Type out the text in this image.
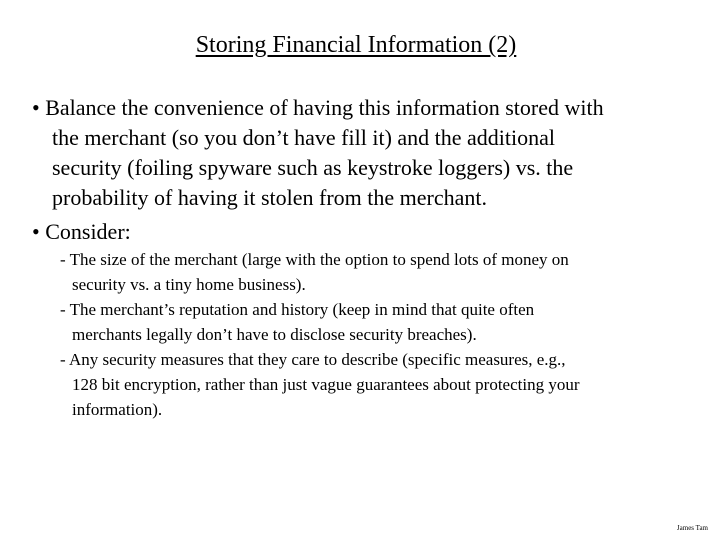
Storing Financial Information (2)
• Balance the convenience of having this information stored with
the merchant (so you don’t have fill it) and the additional
security (foiling spyware such as keystroke loggers) vs. the
probability of having it stolen from the merchant.
• Consider:
- The size of the merchant (large with the option to spend lots of money on
security vs. a tiny home business).
- The merchant’s reputation and history (keep in mind that quite often
merchants legally don’t have to disclose security breaches).
- Any security measures that they care to describe (specific measures, e.g.,
128 bit encryption, rather than just vague guarantees about protecting your
information).
James Tam
